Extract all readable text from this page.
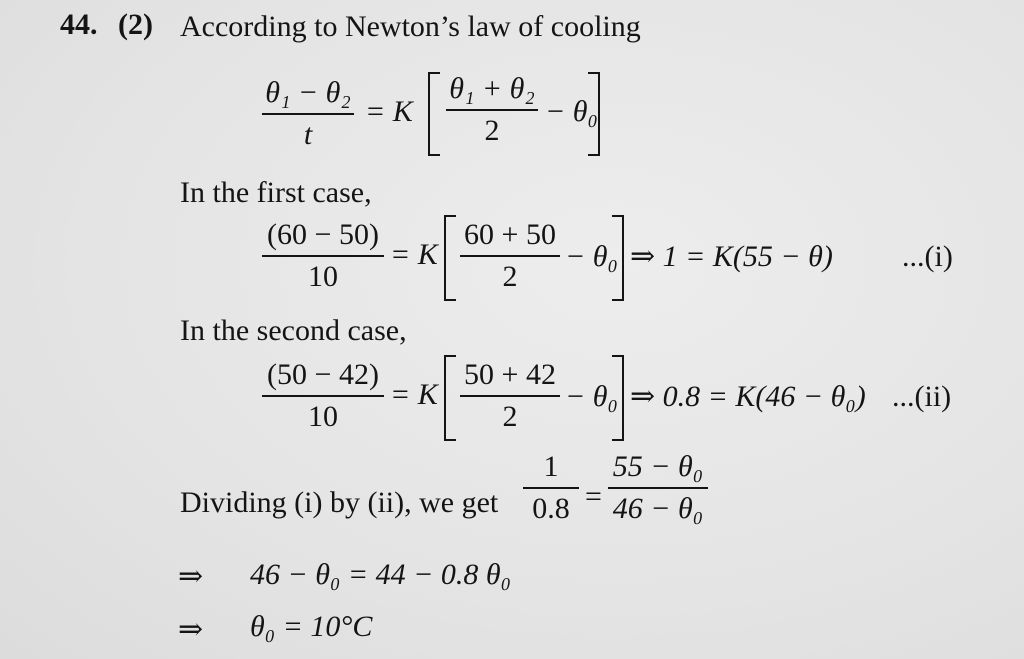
44. (2) According to Newton’s law of cooling
θ₁ − θ₂
t
= K
θ₁ + θ₂
2
− θ₀
In the first case,
(60 − 50)
10
= K
60 + 50
2
− θ₀ ⇒ 1 = K(55 − θ) ...(i)
In the second case,
(50 − 42)
10
= K
50 + 42
2
− θ₀ ⇒ 0.8 = K(46 − θ₀) ...(ii)
Dividing (i) by (ii), we get
1
0.8 =
55 − θ₀
46 − θ₀
⇒ 46 − θ₀ = 44 − 0.8 θ₀
⇒ θ₀ = 10°C
